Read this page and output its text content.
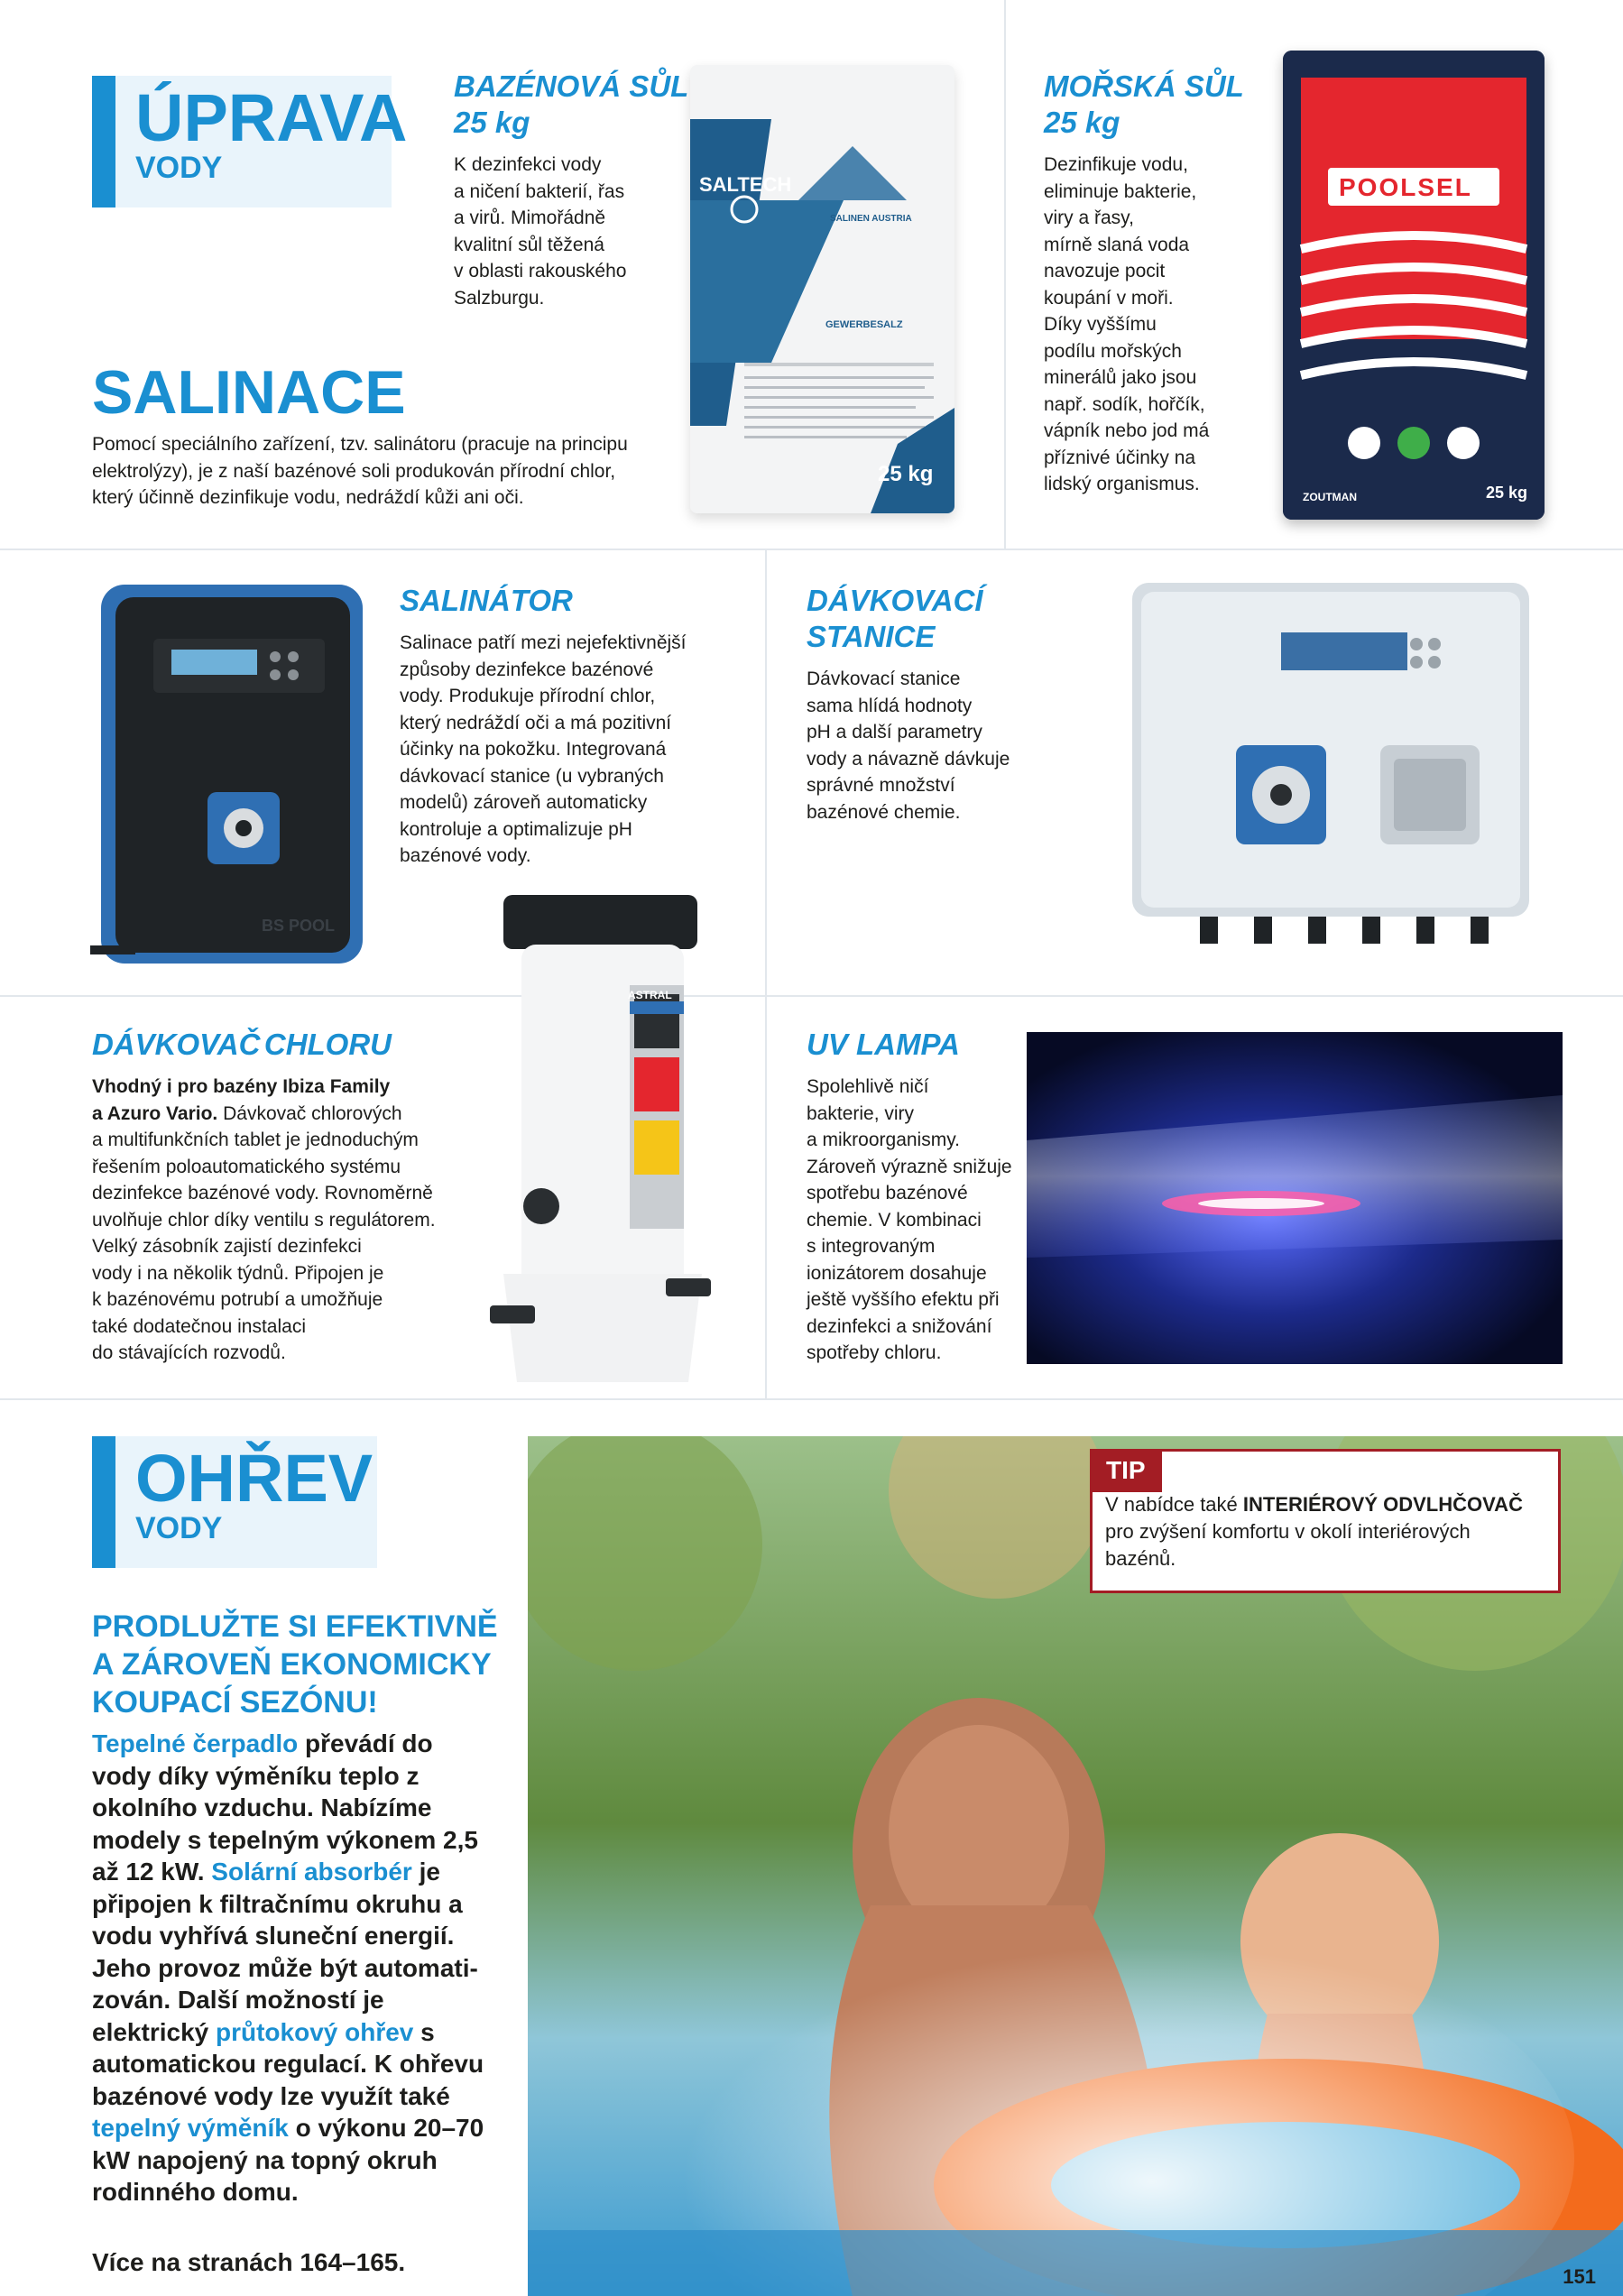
ÚPRAVA
VODY
BAZÉNOVÁ SŮL
25 kg
K dezinfekci vody
a ničení bakterií, řas
a virů. Mimořádně
kvalitní sůl těžená
v oblasti rakouského
Salzburgu.
SALTECH
SALINEN AUSTRIA
GEWERBESALZ
25 kg
MOŘSKÁ SŮL
25 kg
Dezinfikuje vodu,
eliminuje bakterie,
viry a řasy,
mírně slaná voda
navozuje pocit
koupání v moři.
Díky vyššímu
podílu mořských
minerálů jako jsou
např. sodík, hořčík,
vápník nebo jod má
příznivé účinky na
lidský organismus.
POOLSEL
ZOUTMAN	25 kg
SALINACE
Pomocí speciálního zařízení, tzv. salinátoru (pracuje na principu
elektrolýzy), je z naší bazénové soli produkován přírodní chlor,
který účinně dezinfikuje vodu, nedráždí kůži ani oči.
BS POOL
SALINÁTOR
Salinace patří mezi nejefektivnější
způsoby dezinfekce bazénové
vody. Produkuje přírodní chlor,
který nedráždí oči a má pozitivní
účinky na pokožku. Integrovaná
dávkovací stanice (u vybraných
modelů) zároveň automaticky
kontroluje a optimalizuje pH
bazénové vody.
DÁVKOVACÍ
STANICE
Dávkovací stanice
sama hlídá hodnoty
pH a další parametry
vody a návazně dávkuje
správné množství
bazénové chemie.
DÁVKOVAČ CHLORU
Vhodný i pro bazény Ibiza Family
a Azuro Vario. Dávkovač chlorových
a multifunkčních tablet je jednoduchým
řešením poloautomatického systému
dezinfekce bazénové vody. Rovnoměrně
uvolňuje chlor díky ventilu s regulátorem.
Velký zásobník zajistí dezinfekci
vody i na několik týdnů. Připojen je
k bazénovému potrubí a umožňuje
také dodatečnou instalaci
do stávajících rozvodů.
ASTRAL
UV LAMPA
Spolehlivě ničí
bakterie, viry
a mikroorganismy.
Zároveň výrazně snižuje
spotřebu bazénové
chemie. V kombinaci
s integrovaným
ionizátorem dosahuje
ještě vyššího efektu při
dezinfekci a snižování
spotřeby chloru.
OHŘEV
VODY
PRODLUŽTE SI EFEKTIVNĚ
A ZÁROVEŇ EKONOMICKY
KOUPACÍ SEZÓNU!
Tepelné čerpadlo převádí do vody díky výměníku teplo z okolního vzduchu. Nabízíme modely s tepelným výkonem 2,5 až 12 kW. Solární absorbér je připojen k filtračnímu okruhu a vodu vyhřívá sluneční energií. Jeho provoz může být automati-zován. Další možností je elektrický průtokový ohřev s automatickou regulací. K ohřevu bazénové vody lze využít také tepelný výměník o výkonu 20–70 kW napojený na topný okruh rodinného domu.
Více na stranách 164–165.
TIP
V nabídce také INTERIÉROVÝ ODVLHČOVAČ
pro zvýšení komfortu v okolí interiérových bazénů.
151
